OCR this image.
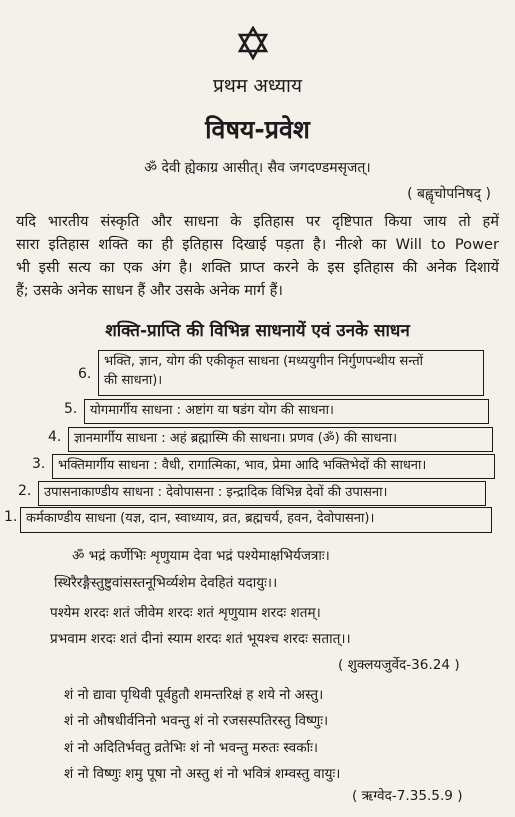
प्रथम अध्याय
विषय-प्रवेश
ॐ देवी ह्येकाग्र आसीत्। सैव जगदण्डमसृजत्।
( बह्वृचोपनिषद् )
यदि भारतीय संस्कृति और साधना के इतिहास पर दृष्टिपात किया जाय तो हमें
सारा इतिहास शक्ति का ही इतिहास दिखाई पड़ता है। नीत्शे का Will to Power
भी इसी सत्य का एक अंग है। शक्ति प्राप्त करने के इस इतिहास की अनेक दिशायें
हैं; उसके अनेक साधन हैं और उसके अनेक मार्ग हैं।
शक्ति-प्राप्ति की विभिन्न साधनायें एवं उनके साधन
6.
भक्ति, ज्ञान, योग की एकीकृत साधना (मध्ययुगीन निर्गुणपन्थीय सन्तों
की साधना)।
5. योगमार्गीय साधना : अष्टांग या षडंग योग की साधना।
4. ज्ञानमार्गीय साधना : अहं ब्रह्मास्मि की साधना। प्रणव (ॐ) की साधना।
3. भक्तिमार्गीय साधना : वैधी, रागात्मिका, भाव, प्रेमा आदि भक्तिभेदों की साधना।
2. उपासनाकाण्डीय साधना : देवोपासना : इन्द्रादिक विभिन्न देवों की उपासना।
1. कर्मकाण्डीय साधना (यज्ञ, दान, स्वाध्याय, व्रत, ब्रह्मचर्य, हवन, देवोपासना)।
ॐ भद्रं कर्णेभिः शृणुयाम देवा भद्रं पश्येमाक्षभिर्यजत्राः।
स्थिरैरङ्गैस्तुष्टुवांसस्तनूभिर्व्यशेम देवहितं यदायुः।।
पश्येम शरदः शतं जीवेम शरदः शतं शृणुयाम शरदः शतम्।
प्रभवाम शरदः शतं दीनां स्याम शरदः शतं भूयश्च शरदः सतात्।।
( शुक्लयजुर्वेद-36.24 )
शं नो द्यावा पृथिवी पूर्वहुतौ शमन्तरिक्षं ह शये नो अस्तु।
शं नो औषधीर्वनिनो भवन्तु शं नो रजसस्पतिरस्तु विष्णुः।
शं नो अदितिर्भवतु व्रतेभिः शं नो भवन्तु मरुतः स्वर्काः।
शं नो विष्णुः शमु पूषा नो अस्तु शं नो भवित्रं शम्वस्तु वायुः।
( ऋग्वेद-7.35.5.9 )
